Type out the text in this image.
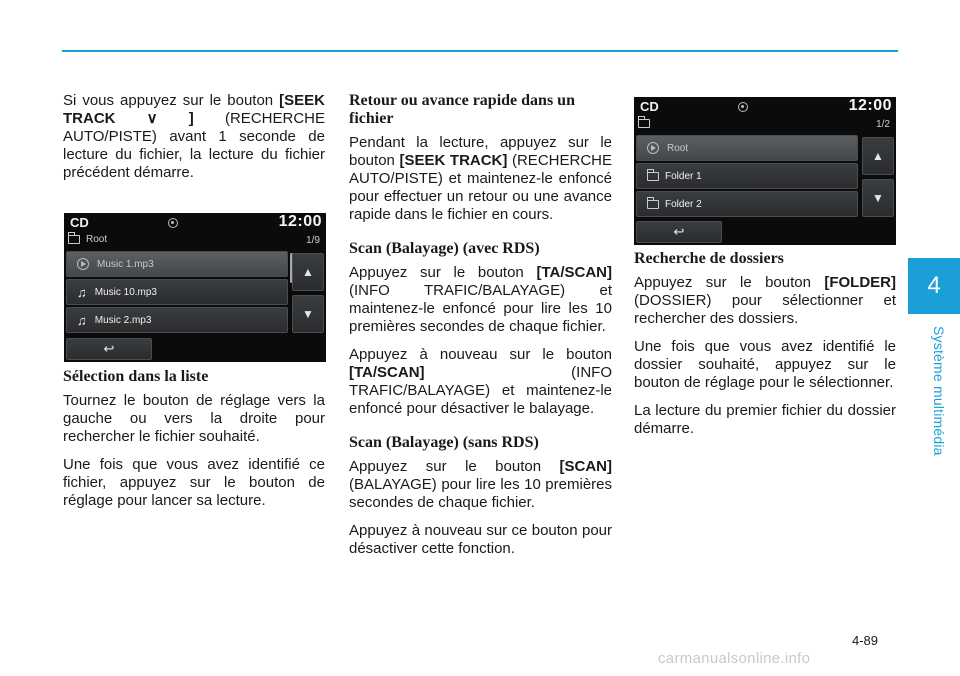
Si vous appuyez sur le bouton [SEEK TRACK ∨ ] (RECHERCHE AUTO/PISTE) avant 1 seconde de lecture du fichier, la lecture du fichier précédent démarre.

CD	12:00
Root	1/9
Music 1.mp3
♫ Music 10.mp3
♫ Music 2.mp3
▲
▼
↩
Sélection dans la liste

Tournez le bouton de réglage vers la gauche ou vers la droite pour rechercher le fichier souhaité.

Une fois que vous avez identifié ce fichier, appuyez sur le bouton de réglage pour lancer sa lecture.

Retour ou avance rapide dans un fichier

Pendant la lecture, appuyez sur le bouton [SEEK TRACK] (RECHERCHE AUTO/PISTE) et maintenez-le enfoncé pour effectuer un retour ou une avance rapide dans le fichier en cours.

Scan (Balayage) (avec RDS)

Appuyez sur le bouton [TA/SCAN] (INFO TRAFIC/BALAYAGE) et maintenez-le enfoncé pour lire les 10 premières secondes de chaque fichier.

Appuyez à nouveau sur le bouton [TA/SCAN] (INFO TRAFIC/BALAYAGE) et maintenez-le enfoncé pour désactiver le balayage.

Scan (Balayage) (sans RDS)

Appuyez sur le bouton [SCAN] (BALAYAGE) pour lire les 10 premières secondes de chaque fichier.

Appuyez à nouveau sur ce bouton pour désactiver cette fonction.

CD	12:00
1/2
Root
Folder 1
Folder 2
▲
▼
↩
Recherche de dossiers

Appuyez sur le bouton [FOLDER] (DOSSIER) pour sélectionner et rechercher des dossiers.

Une fois que vous avez identifié le dossier souhaité, appuyez sur le bouton de réglage pour le sélectionner.

La lecture du premier fichier du dossier démarre.

4
Système multimédia
4-89
carmanualsonline.info
